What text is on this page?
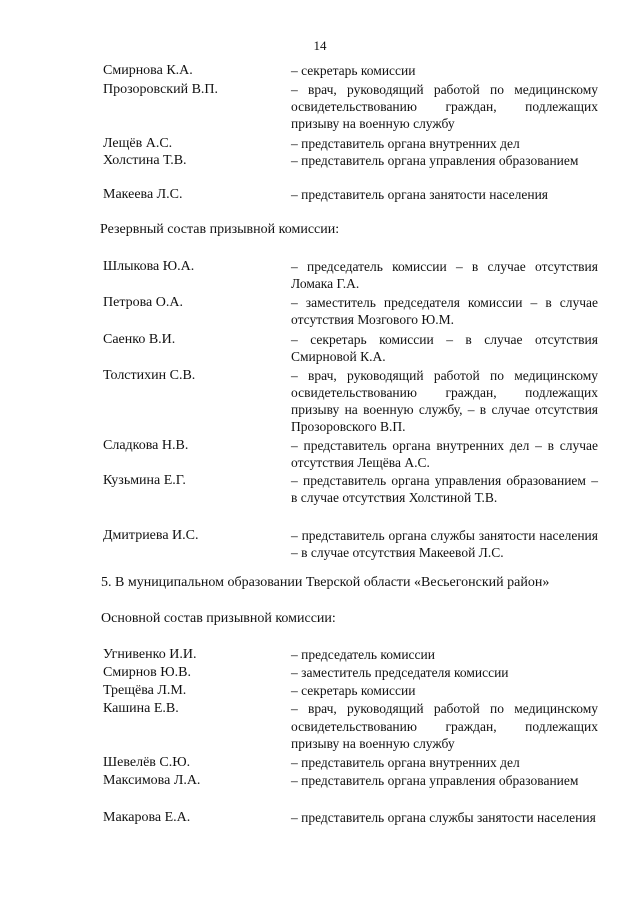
14
Смирнова К.А.	– секретарь комиссии
Прозоровский В.П.	– врач, руководящий работой по медицинскому освидетельствованию граждан, подлежащих призыву на военную службу
Лещёв А.С.	– представитель органа внутренних дел
Холстина Т.В.	– представитель органа управления образованием
Макеева Л.С.	– представитель органа занятости населения
Резервный состав призывной комиссии:
Шлыкова Ю.А.	– председатель комиссии – в случае отсутствия Ломака Г.А.
Петрова О.А.	– заместитель председателя комиссии – в случае отсутствия Мозгового Ю.М.
Саенко В.И.	– секретарь комиссии – в случае отсутствия Смирновой К.А.
Толстихин С.В.	– врач, руководящий работой по медицинскому освидетельствованию граждан, подлежащих призыву на военную службу, – в случае отсутствия Прозоровского В.П.
Сладкова Н.В.	– представитель органа внутренних дел – в случае отсутствия Лещёва А.С.
Кузьмина Е.Г.	– представитель органа управления образованием – в случае отсутствия Холстиной Т.В.
Дмитриева И.С.	– представитель органа службы занятости населения – в случае отсутствия Макеевой Л.С.
5. В муниципальном образовании Тверской области «Весьегонский район»
Основной состав призывной комиссии:
Угнивенко И.И.	– председатель комиссии
Смирнов Ю.В.	– заместитель председателя комиссии
Трещёва Л.М.	– секретарь комиссии
Кашина Е.В.	– врач, руководящий работой по медицинскому освидетельствованию граждан, подлежащих призыву на военную службу
Шевелёв С.Ю.	– представитель органа внутренних дел
Максимова Л.А.	– представитель органа управления образованием
Макарова Е.А.	– представитель органа службы занятости населения
